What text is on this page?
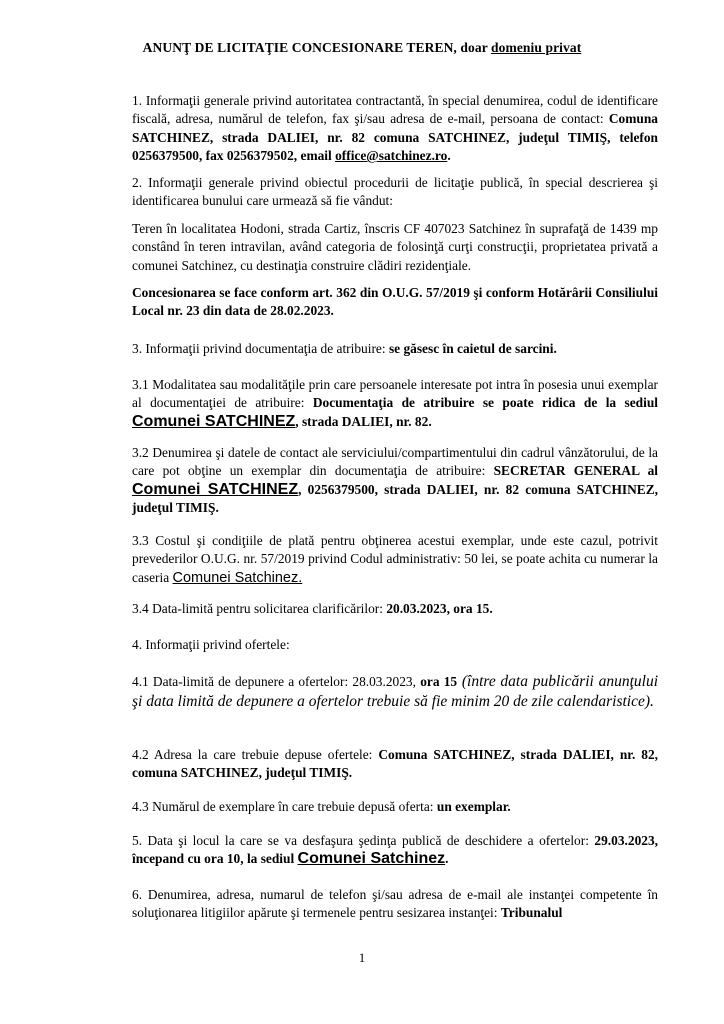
ANUNŢ DE LICITAŢIE CONCESIONARE TEREN, doar domeniu privat

1. Informaţii generale privind autoritatea contractantă, în special denumirea, codul de identificare fiscală, adresa, numărul de telefon, fax şi/sau adresa de e-mail, persoana de contact: Comuna SATCHINEZ, strada DALIEI, nr. 82 comuna SATCHINEZ, judeţul TIMIŞ, telefon 0256379500, fax 0256379502, email office@satchinez.ro.

2. Informaţii generale privind obiectul procedurii de licitaţie publică, în special descrierea şi identificarea bunului care urmează să fie vândut:

Teren în localitatea Hodoni, strada Cartiz, înscris CF 407023 Satchinez în suprafaţă de 1439 mp constând în teren intravilan, având categoria de folosinţă curţi construcţii, proprietatea privată a comunei Satchinez, cu destinaţia construire clădiri rezidenţiale.

Concesionarea se face conform art. 362 din O.U.G. 57/2019 şi conform Hotărârii Consiliului Local nr. 23 din data de 28.02.2023.

3. Informaţii privind documentaţia de atribuire: se găsesc în caietul de sarcini.

3.1 Modalitatea sau modalităţile prin care persoanele interesate pot intra în posesia unui exemplar al documentaţiei de atribuire: Documentaţia de atribuire se poate ridica de la sediul Comunei SATCHINEZ, strada DALIEI, nr. 82.

3.2 Denumirea şi datele de contact ale serviciului/compartimentului din cadrul vânzătorului, de la care pot obţine un exemplar din documentaţia de atribuire: SECRETAR GENERAL al Comunei SATCHINEZ, 0256379500, strada DALIEI, nr. 82 comuna SATCHINEZ, judeţul TIMIŞ.

3.3 Costul şi condiţiile de plată pentru obţinerea acestui exemplar, unde este cazul, potrivit prevederilor O.U.G. nr. 57/2019 privind Codul administrativ: 50 lei, se poate achita cu numerar la caseria Comunei Satchinez.

3.4 Data-limită pentru solicitarea clarificărilor: 20.03.2023, ora 15.

4. Informaţii privind ofertele:

4.1 Data-limită de depunere a ofertelor: 28.03.2023, ora 15 (între data publicării anunţului şi data limită de depunere a ofertelor trebuie să fie minim 20 de zile calendaristice).

4.2 Adresa la care trebuie depuse ofertele: Comuna SATCHINEZ, strada DALIEI, nr. 82, comuna SATCHINEZ, judeţul TIMIŞ.

4.3 Numărul de exemplare în care trebuie depusă oferta: un exemplar.

5. Data şi locul la care se va desfaşura şedinţa publică de deschidere a ofertelor: 29.03.2023, începand cu ora 10, la sediul Comunei Satchinez.

6. Denumirea, adresa, numarul de telefon şi/sau adresa de e-mail ale instanţei competente în soluţionarea litigiilor apărute şi termenele pentru sesizarea instanţei: Tribunalul

1
